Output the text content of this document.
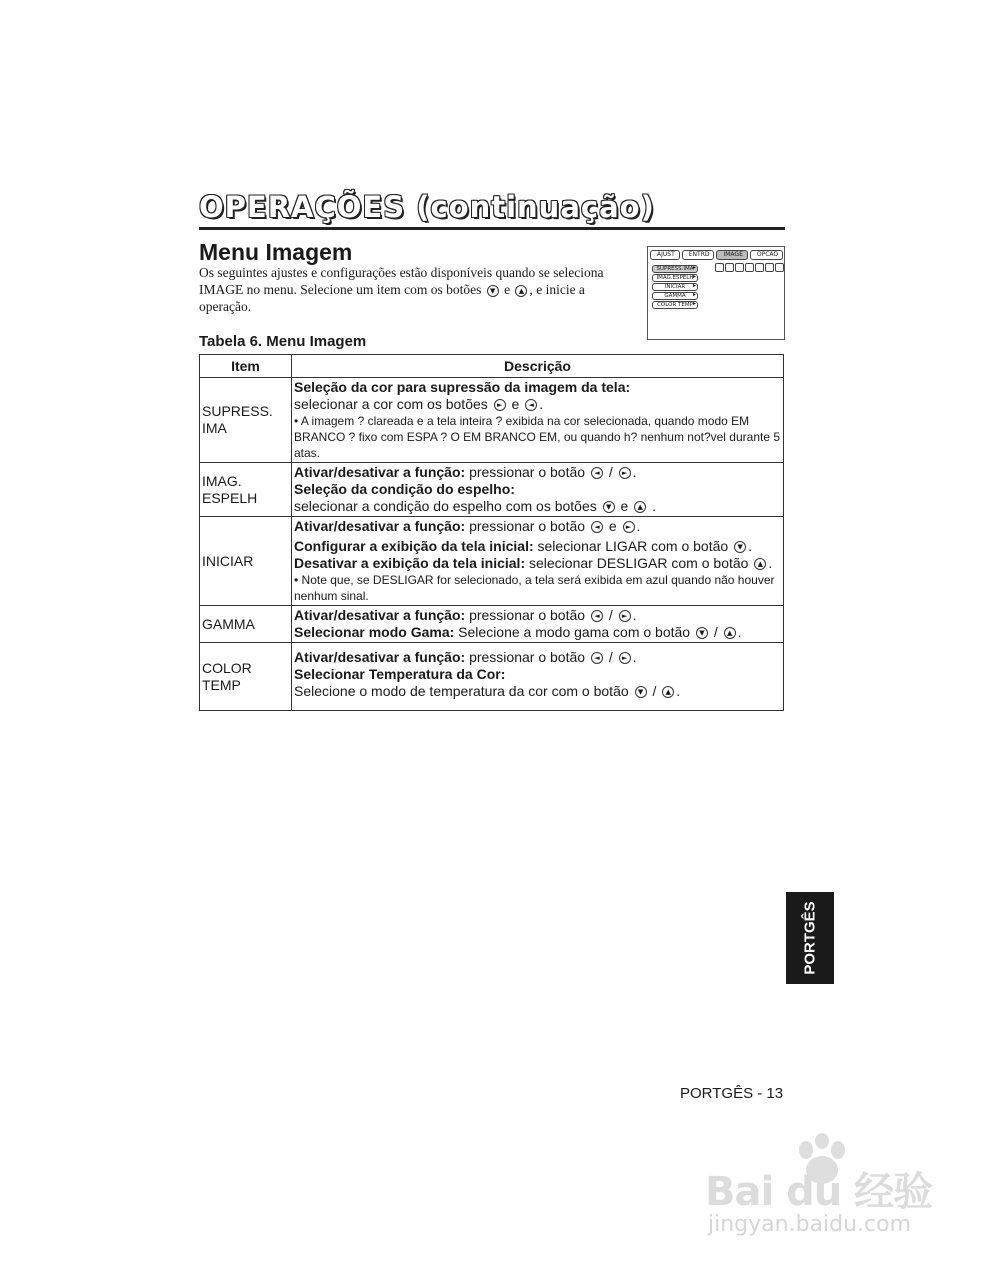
OPERAÇÕES (continuação)
Menu Imagem
Os seguintes ajustes e configurações estão disponíveis quando se seleciona IMAGE no menu. Selecione um item com os botões ▼ e ▲ , e inicie a operação.
AJUST	ENTRD	IMAGE	OPCAO
SUPRESS.IMA ▸
IMAG.ESPELH ▸
INICIAR ▸
GAMMA ▸
COLOR TEMP ▸
Tabela 6. Menu Imagem
Item	Descrição
SUPRESS. IMA	Seleção da cor para supressão da imagem da tela:
selecionar a cor com os botões ► e ◄ .
• A imagem ? clareada e a tela inteira ? exibida na cor selecionada, quando modo EM BRANCO ? fixo com ESPA ? O EM BRANCO EM, ou quando h? nenhum not?vel durante 5 atas.

IMAG. ESPELH	Ativar/desativar a função: pressionar o botão ◄ / ► .
Seleção da condição do espelho:
selecionar a condição do espelho com os botões ▼ e ▲ .

INICIAR	Ativar/desativar a função: pressionar o botão ◄ e ► .
Configurar a exibição da tela inicial: selecionar LIGAR com o botão ▼ .
Desativar a exibição da tela inicial: selecionar DESLIGAR com o botão ▲ .
• Note que, se DESLIGAR for selecionado, a tela será exibida em azul quando não houver nenhum sinal.

GAMMA	Ativar/desativar a função: pressionar o botão ◄ / ► .
Selecionar modo Gama: Selecione a modo gama com o botão ▼ / ▲ .

COLOR TEMP	Ativar/desativar a função: pressionar o botão ◄ / ► .
Selecionar Temperatura da Cor:
Selecione o modo de temperatura da cor com o botão ▼ / ▲ .
PORTGÊS
PORTGÊS - 13
Bai du 经验
jingyan.baidu.com
